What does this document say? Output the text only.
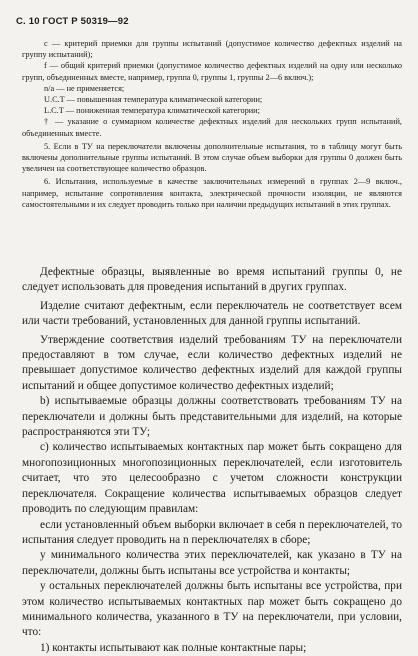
С. 10 ГОСТ Р 50319—92

c — критерий приемки для группы испытаний (допустимое количество дефектных изделий на группу испытаний);

f — общий критерий приемки (допустимое количество дефектных изделий на одну или несколько групп, объединенных вместе, например, группа 0, группы 1, группы 2—6 включ.);

n/a — не применяется;

U.C.T — повышенная температура климатической категории;

L.C.T — пониженная температура климатической категории;

† — указание о суммарном количестве дефектных изделий для нескольких групп испытаний, объединенных вместе.

5. Если в ТУ на переключатели включены дополнительные испытания, то в таблицу могут быть включены дополнительные группы испытаний. В этом случае объем выборки для группы 0 должен быть увеличен на соответствующее количество образцов.

6. Испытания, используемые в качестве заключительных измерений в группах 2—9 включ., например, испытание сопротивления контакта, электрической прочности изоляции, не являются самостоятельными и их следует проводить только при наличии предыдущих испытаний в этих группах.

Дефектные образцы, выявленные во время испытаний группы 0, не следует использовать для проведения испытаний в других группах.

Изделие считают дефектным, если переключатель не соответствует всем или части требований, установленных для данной группы испытаний.

Утверждение соответствия изделий требованиям ТУ на переключатели предоставляют в том случае, если количество дефектных изделий не превышает допустимое количество дефектных изделий для каждой группы испытаний и общее допустимое количество дефектных изделий;

b) испытываемые образцы должны соответствовать требованиям ТУ на переключатели и должны быть представительными для изделий, на которые распространяются эти ТУ;

c) количество испытываемых контактных пар может быть сокращено для многопозиционных многопозиционных переключателей, если изготовитель считает, что это целесообразно с учетом сложности конструкции переключателя. Сокращение количества испытываемых образцов следует проводить по следующим правилам:

если установленный объем выборки включает в себя n переключателей, то испытания следует проводить на n переключателях в сборе;

у минимального количества этих переключателей, как указано в ТУ на переключатели, должны быть испытаны все устройства и контакты;

у остальных переключателей должны быть испытаны все устройства, при этом количество испытываемых контактных пар может быть сокращено до минимального количества, указанного в ТУ на переключатели, при условии, что:

1) контакты испытывают как полные контактные пары;
